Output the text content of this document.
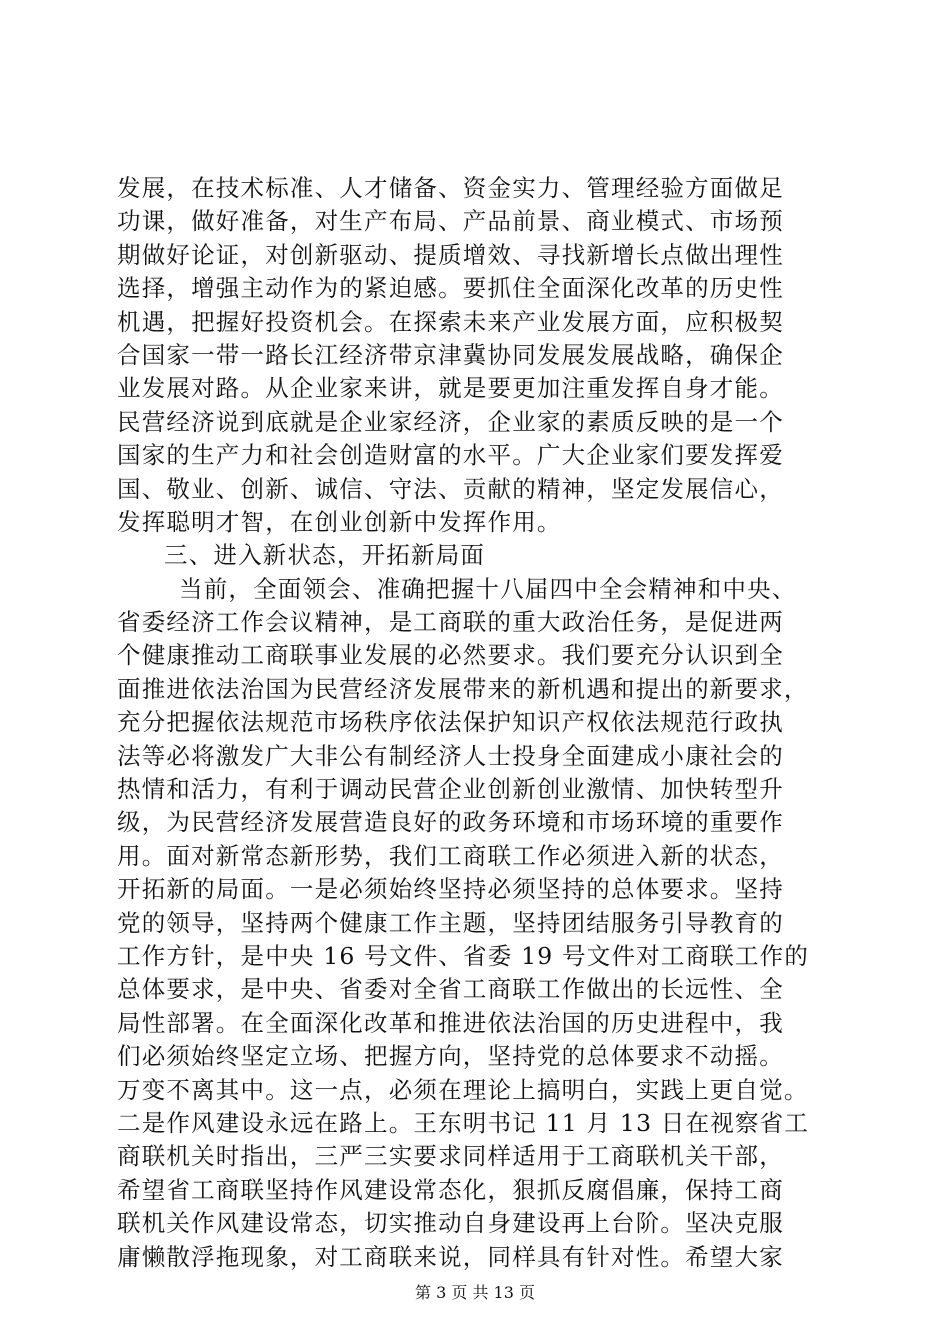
发展，在技术标准、人才储备、资金实力、管理经验方面做足
功课，做好准备，对生产布局、产品前景、商业模式、市场预
期做好论证，对创新驱动、提质增效、寻找新增长点做出理性
选择，增强主动作为的紧迫感。要抓住全面深化改革的历史性
机遇，把握好投资机会。在探索未来产业发展方面，应积极契
合国家一带一路长江经济带京津冀协同发展发展战略，确保企
业发展对路。从企业家来讲，就是要更加注重发挥自身才能。
民营经济说到底就是企业家经济，企业家的素质反映的是一个
国家的生产力和社会创造财富的水平。广大企业家们要发挥爱
国、敬业、创新、诚信、守法、贡献的精神，坚定发展信心，
发挥聪明才智，在创业创新中发挥作用。
三、进入新状态，开拓新局面
当前，全面领会、准确把握十八届四中全会精神和中央、
省委经济工作会议精神，是工商联的重大政治任务，是促进两
个健康推动工商联事业发展的必然要求。我们要充分认识到全
面推进依法治国为民营经济发展带来的新机遇和提出的新要求，
充分把握依法规范市场秩序依法保护知识产权依法规范行政执
法等必将激发广大非公有制经济人士投身全面建成小康社会的
热情和活力，有利于调动民营企业创新创业激情、加快转型升
级，为民营经济发展营造良好的政务环境和市场环境的重要作
用。面对新常态新形势，我们工商联工作必须进入新的状态，
开拓新的局面。一是必须始终坚持必须坚持的总体要求。坚持
党的领导，坚持两个健康工作主题，坚持团结服务引导教育的
工作方针，是中央 16 号文件、省委 19 号文件对工商联工作的
总体要求，是中央、省委对全省工商联工作做出的长远性、全
局性部署。在全面深化改革和推进依法治国的历史进程中，我
们必须始终坚定立场、把握方向，坚持党的总体要求不动摇。
万变不离其中。这一点，必须在理论上搞明白，实践上更自觉。
二是作风建设永远在路上。王东明书记 11 月 13 日在视察省工
商联机关时指出，三严三实要求同样适用于工商联机关干部，
希望省工商联坚持作风建设常态化，狠抓反腐倡廉，保持工商
联机关作风建设常态，切实推动自身建设再上台阶。坚决克服
庸懒散浮拖现象，对工商联来说，同样具有针对性。希望大家
第 3 页 共 13 页
